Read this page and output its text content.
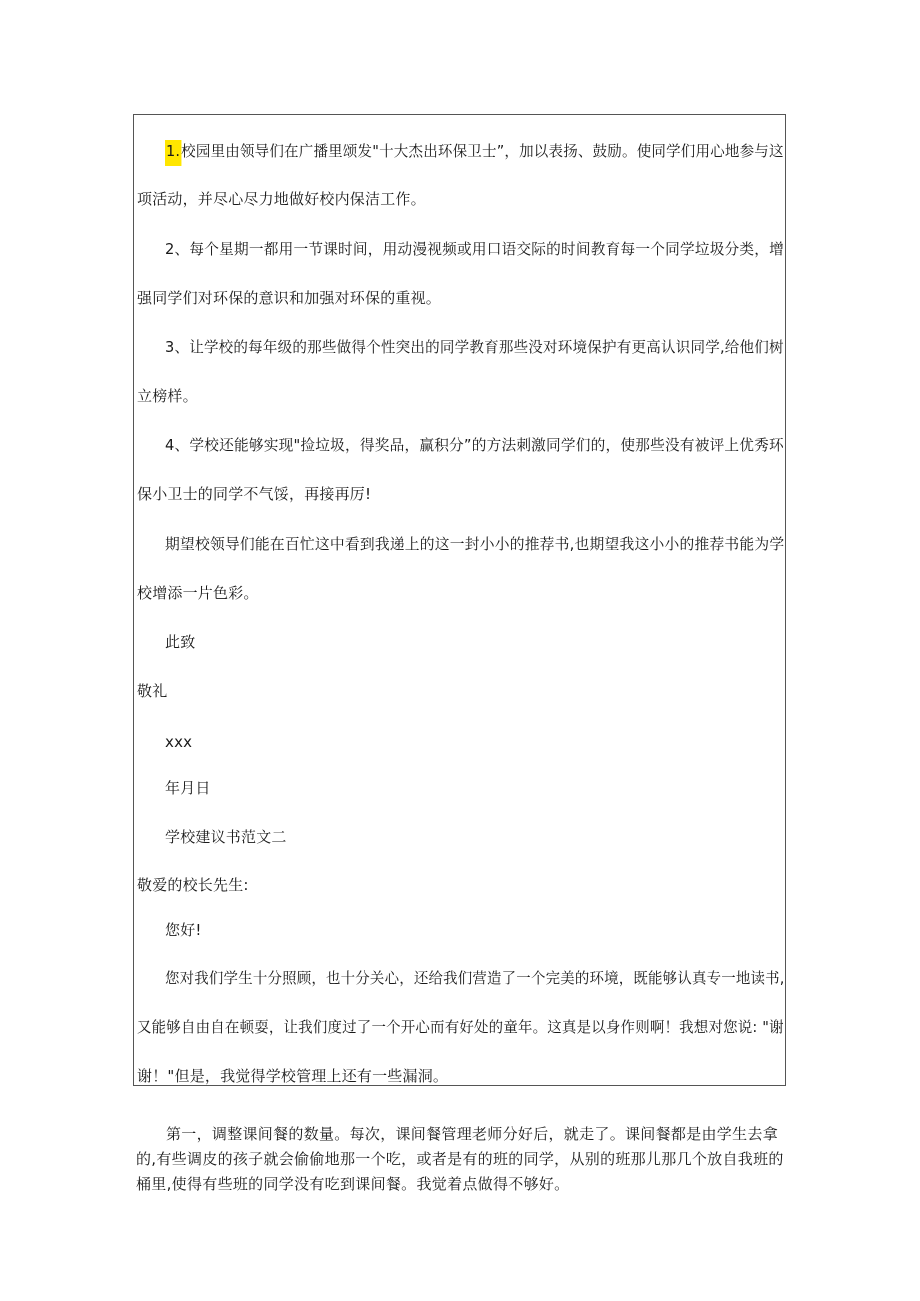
1.校园里由领导们在广播里颂发"十大杰出环保卫士”，加以表扬、鼓励。使同学们用心地参与这
项活动，并尽心尽力地做好校内保洁工作。
2、每个星期一都用一节课时间，用动漫视频或用口语交际的时间教育每一个同学垃圾分类，增
强同学们对环保的意识和加强对环保的重视。
3、让学校的每年级的那些做得个性突出的同学教育那些没对环境保护有更高认识同学,给他们树
立榜样。
4、学校还能够实现"捡垃圾，得奖品，赢积分”的方法刺激同学们的，使那些没有被评上优秀环
保小卫士的同学不气馁，再接再厉!
期望校领导们能在百忙这中看到我递上的这一封小小的推荐书,也期望我这小小的推荐书能为学
校增添一片色彩。
此致
敬礼
xxx
年月日
学校建议书范文二
敬爱的校长先生:
您好!
您对我们学生十分照顾，也十分关心，还给我们营造了一个完美的环境，既能够认真专一地读书,
又能够自由自在顿耍，让我们度过了一个开心而有好处的童年。这真是以身作则啊！我想对您说: "谢
谢！"但是，我觉得学校管理上还有一些漏洞。
第一，调整课间餐的数量。每次，课间餐管理老师分好后，就走了。课间餐都是由学生去拿的,有些调皮的孩子就会偷偷地那一个吃，或者是有的班的同学，从别的班那儿那几个放自我班的桶里,使得有些班的同学没有吃到课间餐。我觉着点做得不够好。
